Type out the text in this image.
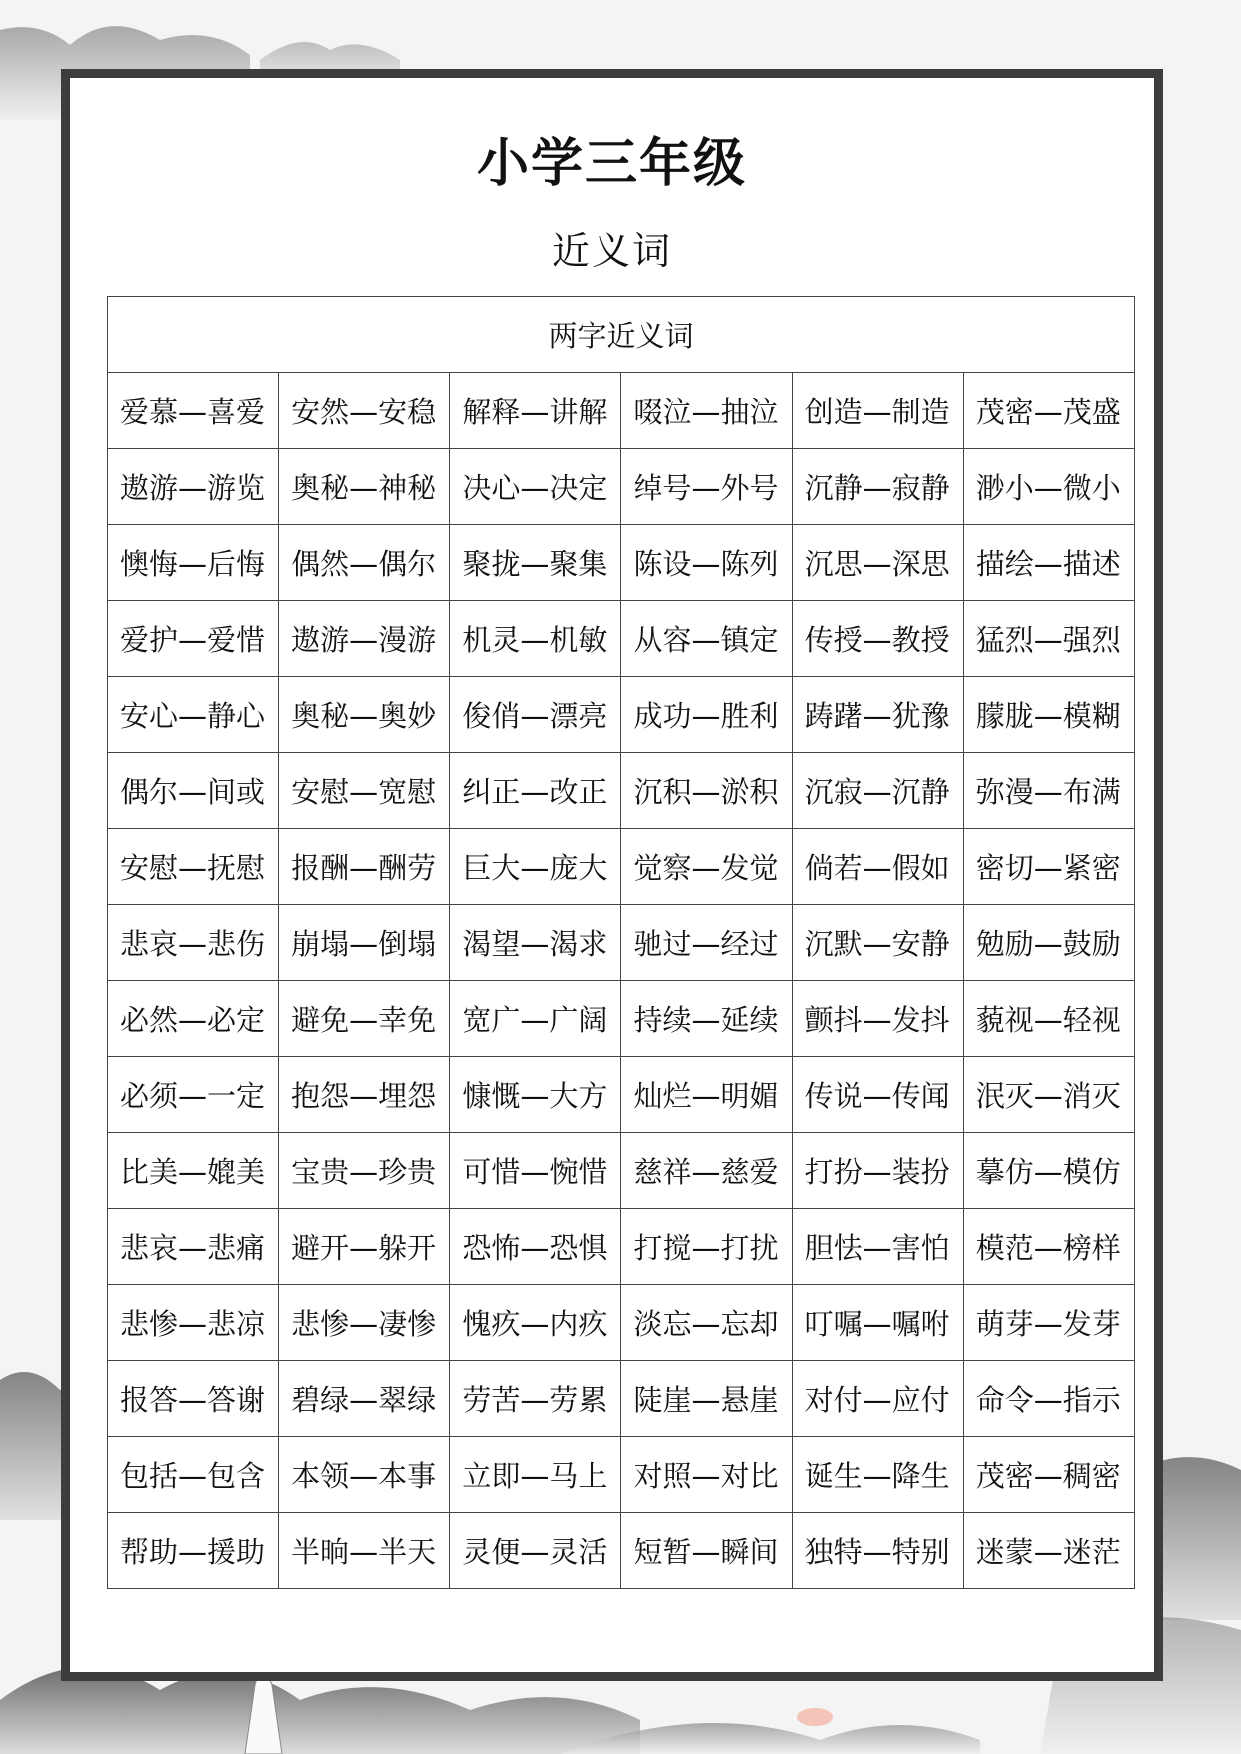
小学三年级
近义词
两字近义词					
爱慕—喜爱	安然—安稳	解释—讲解	啜泣—抽泣	创造—制造	茂密—茂盛
遨游—游览	奥秘—神秘	决心—决定	绰号—外号	沉静—寂静	渺小—微小
懊悔—后悔	偶然—偶尔	聚拢—聚集	陈设—陈列	沉思—深思	描绘—描述
爱护—爱惜	遨游—漫游	机灵—机敏	从容—镇定	传授—教授	猛烈—强烈
安心—静心	奥秘—奥妙	俊俏—漂亮	成功—胜利	踌躇—犹豫	朦胧—模糊
偶尔—间或	安慰—宽慰	纠正—改正	沉积—淤积	沉寂—沉静	弥漫—布满
安慰—抚慰	报酬—酬劳	巨大—庞大	觉察—发觉	倘若—假如	密切—紧密
悲哀—悲伤	崩塌—倒塌	渴望—渴求	驰过—经过	沉默—安静	勉励—鼓励
必然—必定	避免—幸免	宽广—广阔	持续—延续	颤抖—发抖	藐视—轻视
必须—一定	抱怨—埋怨	慷慨—大方	灿烂—明媚	传说—传闻	泯灭—消灭
比美—媲美	宝贵—珍贵	可惜—惋惜	慈祥—慈爱	打扮—装扮	摹仿—模仿
悲哀—悲痛	避开—躲开	恐怖—恐惧	打搅—打扰	胆怯—害怕	模范—榜样
悲惨—悲凉	悲惨—凄惨	愧疚—内疚	淡忘—忘却	叮嘱—嘱咐	萌芽—发芽
报答—答谢	碧绿—翠绿	劳苦—劳累	陡崖—悬崖	对付—应付	命令—指示
包括—包含	本领—本事	立即—马上	对照—对比	诞生—降生	茂密—稠密
帮助—援助	半晌—半天	灵便—灵活	短暂—瞬间	独特—特别	迷蒙—迷茫
